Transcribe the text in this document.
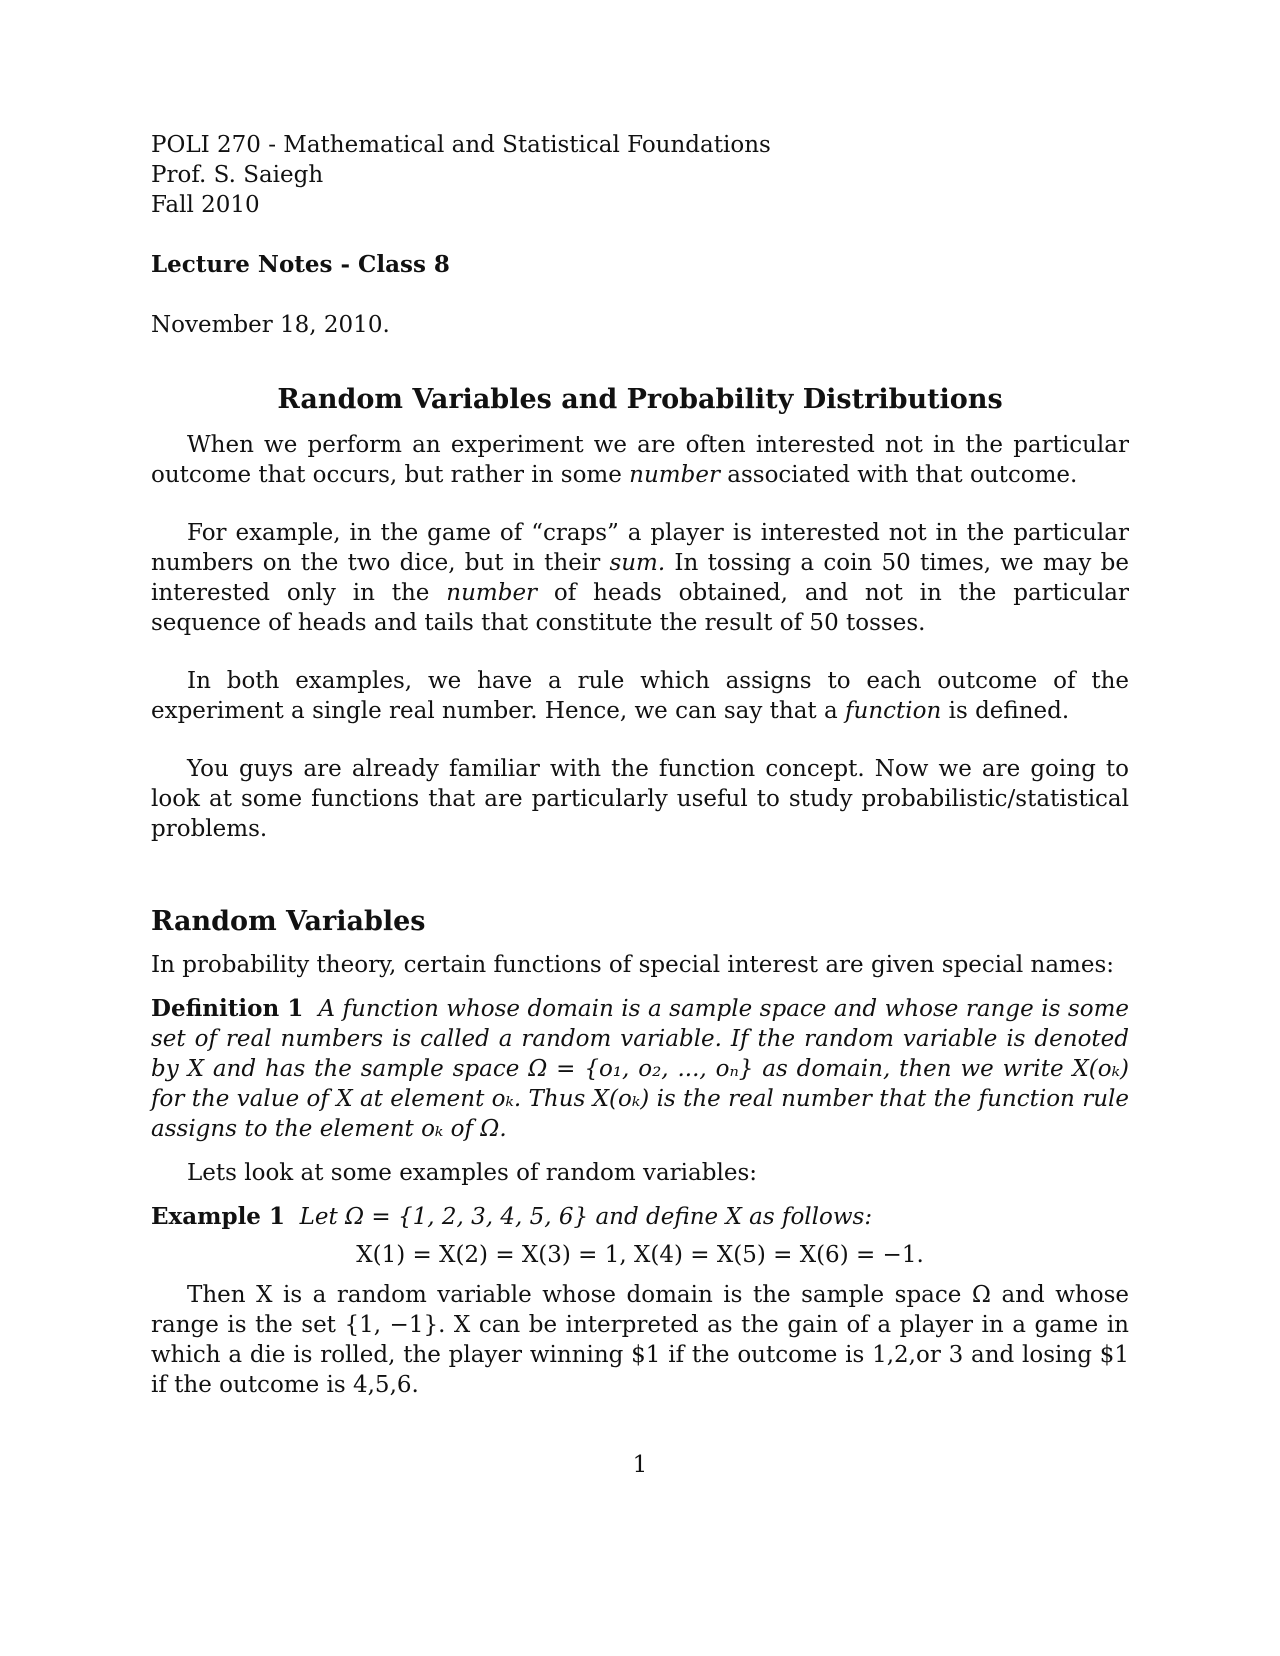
POLI 270 - Mathematical and Statistical Foundations
Prof. S. Saiegh
Fall 2010
Lecture Notes - Class 8
November 18, 2010.
Random Variables and Probability Distributions

When we perform an experiment we are often interested not in the particular outcome that occurs, but rather in some number associated with that outcome.

For example, in the game of “craps” a player is interested not in the particular numbers on the two dice, but in their sum. In tossing a coin 50 times, we may be interested only in the number of heads obtained, and not in the particular sequence of heads and tails that constitute the result of 50 tosses.

In both examples, we have a rule which assigns to each outcome of the experiment a single real number. Hence, we can say that a function is defined.

You guys are already familiar with the function concept. Now we are going to look at some functions that are particularly useful to study probabilistic/statistical problems.

Random Variables
In probability theory, certain functions of special interest are given special names:
Definition 1 A function whose domain is a sample space and whose range is some set of real numbers is called a random variable. If the random variable is denoted by X and has the sample space Ω = {o₁, o₂, ..., oₙ} as domain, then we write X(oₖ) for the value of X at element oₖ. Thus X(oₖ) is the real number that the function rule assigns to the element oₖ of Ω.

Lets look at some examples of random variables:

Example 1 Let Ω = {1, 2, 3, 4, 5, 6} and define X as follows:
X(1) = X(2) = X(3) = 1, X(4) = X(5) = X(6) = −1.

Then X is a random variable whose domain is the sample space Ω and whose range is the set {1, −1}. X can be interpreted as the gain of a player in a game in which a die is rolled, the player winning $1 if the outcome is 1,2,or 3 and losing $1 if the outcome is 4,5,6.

1
